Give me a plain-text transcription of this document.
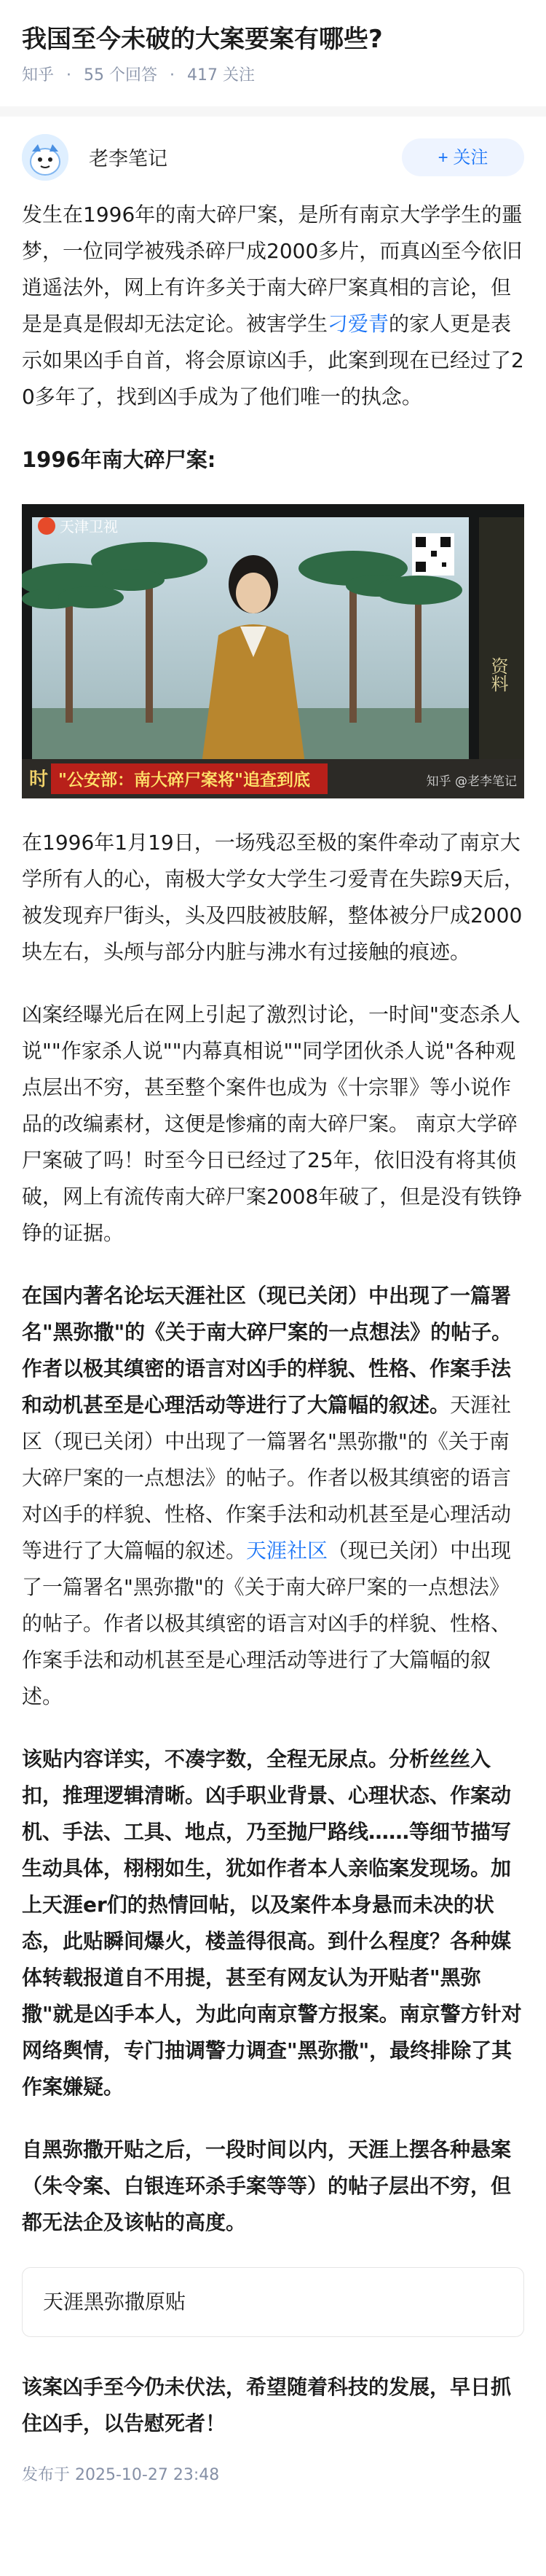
我国至今未破的大案要案有哪些?
知乎 · 55 个回答 · 417 关注
老李笔记	+ 关注

发生在1996年的南大碎尸案，是所有南京大学学生的噩梦，一位同学被残杀碎尸成2000多片，而真凶至今依旧逍遥法外，网上有许多关于南大碎尸案真相的言论，但是是真是假却无法定论。被害学生刁爱青的家人更是表示如果凶手自首，将会原谅凶手，此案到现在已经过了20多年了，找到凶手成为了他们唯一的执念。

1996年南大碎尸案:

天津卫视
资料
时 "公安部：南大碎尸案将"追查到底	知乎 @老李笔记

在1996年1月19日，一场残忍至极的案件牵动了南京大学所有人的心，南极大学女大学生刁爱青在失踪9天后，被发现弃尸街头，头及四肢被肢解，整体被分尸成2000块左右，头颅与部分内脏与沸水有过接触的痕迹。

凶案经曝光后在网上引起了激烈讨论，一时间"变态杀人说""作家杀人说""内幕真相说""同学团伙杀人说"各种观点层出不穷，甚至整个案件也成为《十宗罪》等小说作品的改编素材，这便是惨痛的南大碎尸案。 南京大学碎尸案破了吗！时至今日已经过了25年，依旧没有将其侦破，网上有流传南大碎尸案2008年破了，但是没有铁铮铮的证据。

在国内著名论坛天涯社区（现已关闭）中出现了一篇署名"黑弥撒"的《关于南大碎尸案的一点想法》的帖子。作者以极其缜密的语言对凶手的样貌、性格、作案手法和动机甚至是心理活动等进行了大篇幅的叙述。天涯社区（现已关闭）中出现了一篇署名"黑弥撒"的《关于南大碎尸案的一点想法》的帖子。作者以极其缜密的语言对凶手的样貌、性格、作案手法和动机甚至是心理活动等进行了大篇幅的叙述。天涯社区（现已关闭）中出现了一篇署名"黑弥撒"的《关于南大碎尸案的一点想法》的帖子。作者以极其缜密的语言对凶手的样貌、性格、作案手法和动机甚至是心理活动等进行了大篇幅的叙述。

该贴内容详实，不凑字数，全程无尿点。分析丝丝入扣，推理逻辑清晰。凶手职业背景、心理状态、作案动机、手法、工具、地点，乃至抛尸路线……等细节描写生动具体，栩栩如生，犹如作者本人亲临案发现场。加上天涯er们的热情回帖，以及案件本身悬而未决的状态，此贴瞬间爆火，楼盖得很高。到什么程度？各种媒体转载报道自不用提，甚至有网友认为开贴者"黑弥撒"就是凶手本人，为此向南京警方报案。南京警方针对网络舆情，专门抽调警力调查"黑弥撒"，最终排除了其作案嫌疑。

自黑弥撒开贴之后，一段时间以内，天涯上摆各种悬案（朱令案、白银连环杀手案等等）的帖子层出不穷，但都无法企及该帖的高度。

天涯黑弥撒原贴

该案凶手至今仍未伏法，希望随着科技的发展，早日抓住凶手，以告慰死者！

发布于 2025-10-27 23:48
